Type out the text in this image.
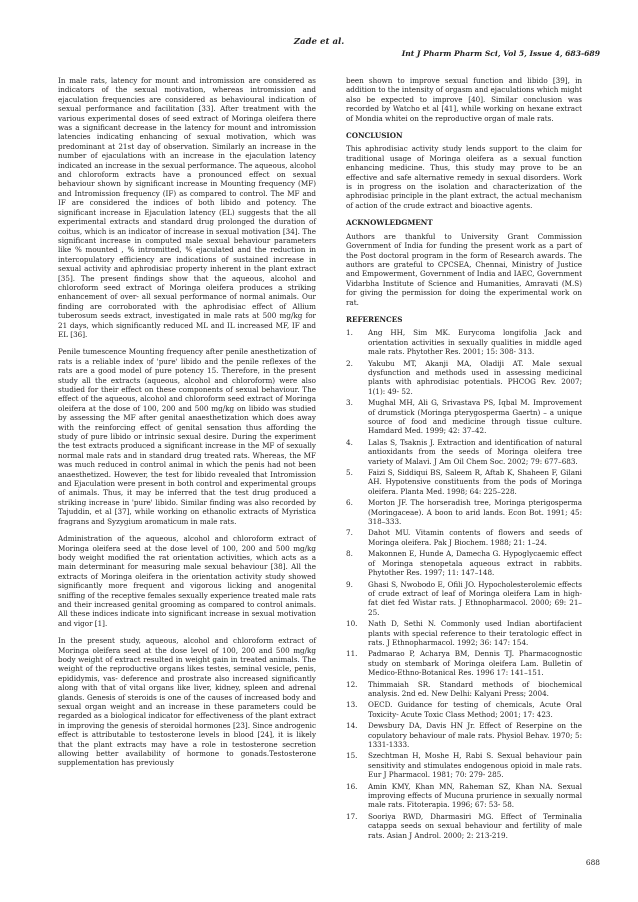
Zade et al.
Int J Pharm Pharm Sci, Vol 5, Issue 4, 683-689

In male rats, latency for mount and intromission are considered as indicators of the sexual motivation, whereas intromission and ejaculation frequencies are considered as behavioural indication of sexual performance and facilitation [33]. After treatment with the various experimental doses of seed extract of Moringa oleifera there was a significant decrease in the latency for mount and intromission latencies indicating enhancing of sexual motivation, which was predominant at 21st day of observation. Similarly an increase in the number of ejaculations with an increase in the ejaculation latency indicated an increase in the sexual performance. The aqueous, alcohol and chloroform extracts have a pronounced effect on sexual behaviour shown by significant increase in Mounting frequency (MF) and Intromission frequency (IF) as compared to control. The MF and IF are considered the indices of both libido and potency. The significant increase in Ejaculation latency (EL) suggests that the all experimental extracts and standard drug prolonged the duration of coitus, which is an indicator of increase in sexual motivation [34]. The significant increase in computed male sexual behaviour parameters like % mounted , % intromitted, % ejaculated and the reduction in intercopulatory efficiency are indications of sustained increase in sexual activity and aphrodisiac property inherent in the plant extract [35]. The present findings show that the aqueous, alcohol and chloroform seed extract of Moringa oleifera produces a striking enhancement of over- all sexual performance of normal animals. Our finding are corroborated with the aphrodisiac effect of Allium tuberosum seeds extract, investigated in male rats at 500 mg/kg for 21 days, which significantly reduced ML and IL increased MF, IF and EL [36].

Penile tumescence Mounting frequency after penile anesthetization of rats is a reliable index of 'pure' libido and the penile reflexes of the rats are a good model of pure potency 15. Therefore, in the present study all the extracts (aqueous, alcohol and chloroform) were also studied for their effect on these components of sexual behaviour. The effect of the aqueous, alcohol and chloroform seed extract of Moringa oleifera at the dose of 100, 200 and 500 mg/kg on libido was studied by assessing the MF after genital anaesthetization which does away with the reinforcing effect of genital sensation thus affording the study of pure libido or intrinsic sexual desire. During the experiment the test extracts produced a significant increase in the MF of sexually normal male rats and in standard drug treated rats. Whereas, the MF was much reduced in control animal in which the penis had not been anaesthetized. However, the test for libido revealed that Intromission and Ejaculation were present in both control and experimental groups of animals. Thus, it may be inferred that the test drug produced a striking increase in 'pure' libido. Similar finding was also recorded by Tajuddin, et al [37], while working on ethanolic extracts of Myristica fragrans and Syzygium aromaticum in male rats.

Administration of the aqueous, alcohol and chloroform extract of Moringa oleifera seed at the dose level of 100, 200 and 500 mg/kg body weight modified the rat orientation activities, which acts as a main determinant for measuring male sexual behaviour [38]. All the extracts of Moringa oleifera in the orientation activity study showed significantly more frequent and vigorous licking and anogenital sniffing of the receptive females sexually experience treated male rats and their increased genital grooming as compared to control animals. All these indices indicate into significant increase in sexual motivation and vigor [1].

In the present study, aqueous, alcohol and chloroform extract of Moringa oleifera seed at the dose level of 100, 200 and 500 mg/kg body weight of extract resulted in weight gain in treated animals. The weight of the reproductive organs likes testes, seminal vesicle, penis, epididymis, vas- deference and prostrate also increased significantly along with that of vital organs like liver, kidney, spleen and adrenal glands. Genesis of steroids is one of the causes of increased body and sexual organ weight and an increase in these parameters could be regarded as a biological indicator for effectiveness of the plant extract in improving the genesis of steroidal hormones [23]. Since androgenic effect is attributable to testosterone levels in blood [24], it is likely that the plant extracts may have a role in testosterone secretion allowing better availability of hormone to gonads.Testosterone supplementation has previously

been shown to improve sexual function and libido [39], in addition to the intensity of orgasm and ejaculations which might also be expected to improve [40]. Similar conclusion was recorded by Watcho et al [41], while working on hexane extract of Mondia whitei on the reproductive organ of male rats.

CONCLUSION

This aphrodisiac activity study lends support to the claim for traditional usage of Moringa oleifera as a sexual function enhancing medicine. Thus, this study may prove to be an effective and safe alternative remedy in sexual disorders. Work is in progress on the isolation and characterization of the aphrodisiac principle in the plant extract, the actual mechanism of action of the crude extract and bioactive agents.

ACKNOWLEDGMENT

Authors are thankful to University Grant Commission Government of India for funding the present work as a part of the Post doctoral program in the form of Research awards. The authors are grateful to CPCSEA, Chennai, Ministry of Justice and Empowerment, Government of India and IAEC, Government Vidarbha Institute of Science and Humanities, Amravati (M.S) for giving the permission for doing the experimental work on rat.

REFERENCES
1. Ang HH, Sim MK. Eurycoma longifolia Jack and orientation activities in sexually qualities in middle aged male rats. Phytother Res. 2001; 15: 308- 313.
2. Yakubu MT, Akanji MA, Oladiji AT. Male sexual dysfunction and methods used in assessing medicinal plants with aphrodisiac potentials. PHCOG Rev. 2007; 1(1): 49- 52.
3. Mughal MH, Ali G, Srivastava PS, Iqbal M. Improvement of drumstick (Moringa pterygosperma Gaertn) – a unique source of food and medicine through tissue culture. Hamdard Med. 1999; 42: 37–42.
4. Lalas S, Tsaknis J. Extraction and identification of natural antioxidants from the seeds of Moringa oleifera tree variety of Malavi. J Am Oil Chem Soc. 2002; 79: 677–683.
5. Faizi S, Siddiqui BS, Saleem R, Aftab K, Shaheen F, Gilani AH. Hypotensive constituents from the pods of Moringa oleifera. Planta Med. 1998; 64: 225–228.
6. Morton JF. The horseradish tree, Moringa pterigosperma (Moringaceae). A boon to arid lands. Econ Bot. 1991; 45: 318–333.
7. Dahot MU. Vitamin contents of flowers and seeds of Moringa oleifera. Pak J Biochem. 1988; 21: 1–24.
8. Makonnen E, Hunde A, Damecha G. Hypoglycaemic effect of Moringa stenopetala aqueous extract in rabbits. Phytother Res. 1997; 11: 147–148.
9. Ghasi S, Nwobodo E, Ofili JO. Hypocholesterolemic effects of crude extract of leaf of Moringa oleifera Lam in high-fat diet fed Wistar rats. J Ethnopharmacol. 2000; 69: 21– 25.
10. Nath D, Sethi N. Commonly used Indian abortifacient plants with special reference to their teratologic effect in rats. J Ethnopharmacol. 1992; 36: 147: 154.
11. Padmarao P, Acharya BM, Dennis TJ. Pharmacognostic study on stembark of Moringa oleifera Lam. Bulletin of Medico-Ethno-Botanical Res. 1996 17: 141–151.
12. Thimmaiah SR. Standard methods of biochemical analysis. 2nd ed. New Delhi: Kalyani Press; 2004.
13. OECD. Guidance for testing of chemicals, Acute Oral Toxicity- Acute Toxic Class Method; 2001; 17: 423.
14. Dewsbury DA, Davis HN Jr. Effect of Reserpine on the copulatory behaviour of male rats. Physiol Behav. 1970; 5: 1331-1333.
15. Szechtman H, Moshe H, Rabi S. Sexual behaviour pain sensitivity and stimulates endogenous opioid in male rats. Eur J Pharmacol. 1981; 70: 279- 285.
16. Amin KMY, Khan MN, Raheman SZ, Khan NA. Sexual improving effects of Mucuna prurience in sexually normal male rats. Fitoterapia. 1996; 67: 53- 58.
17. Sooriya RWD, Dharmasiri MG. Effect of Terminalia catappa seeds on sexual behaviour and fertility of male rats. Asian J Androl. 2000; 2: 213-219.
688
